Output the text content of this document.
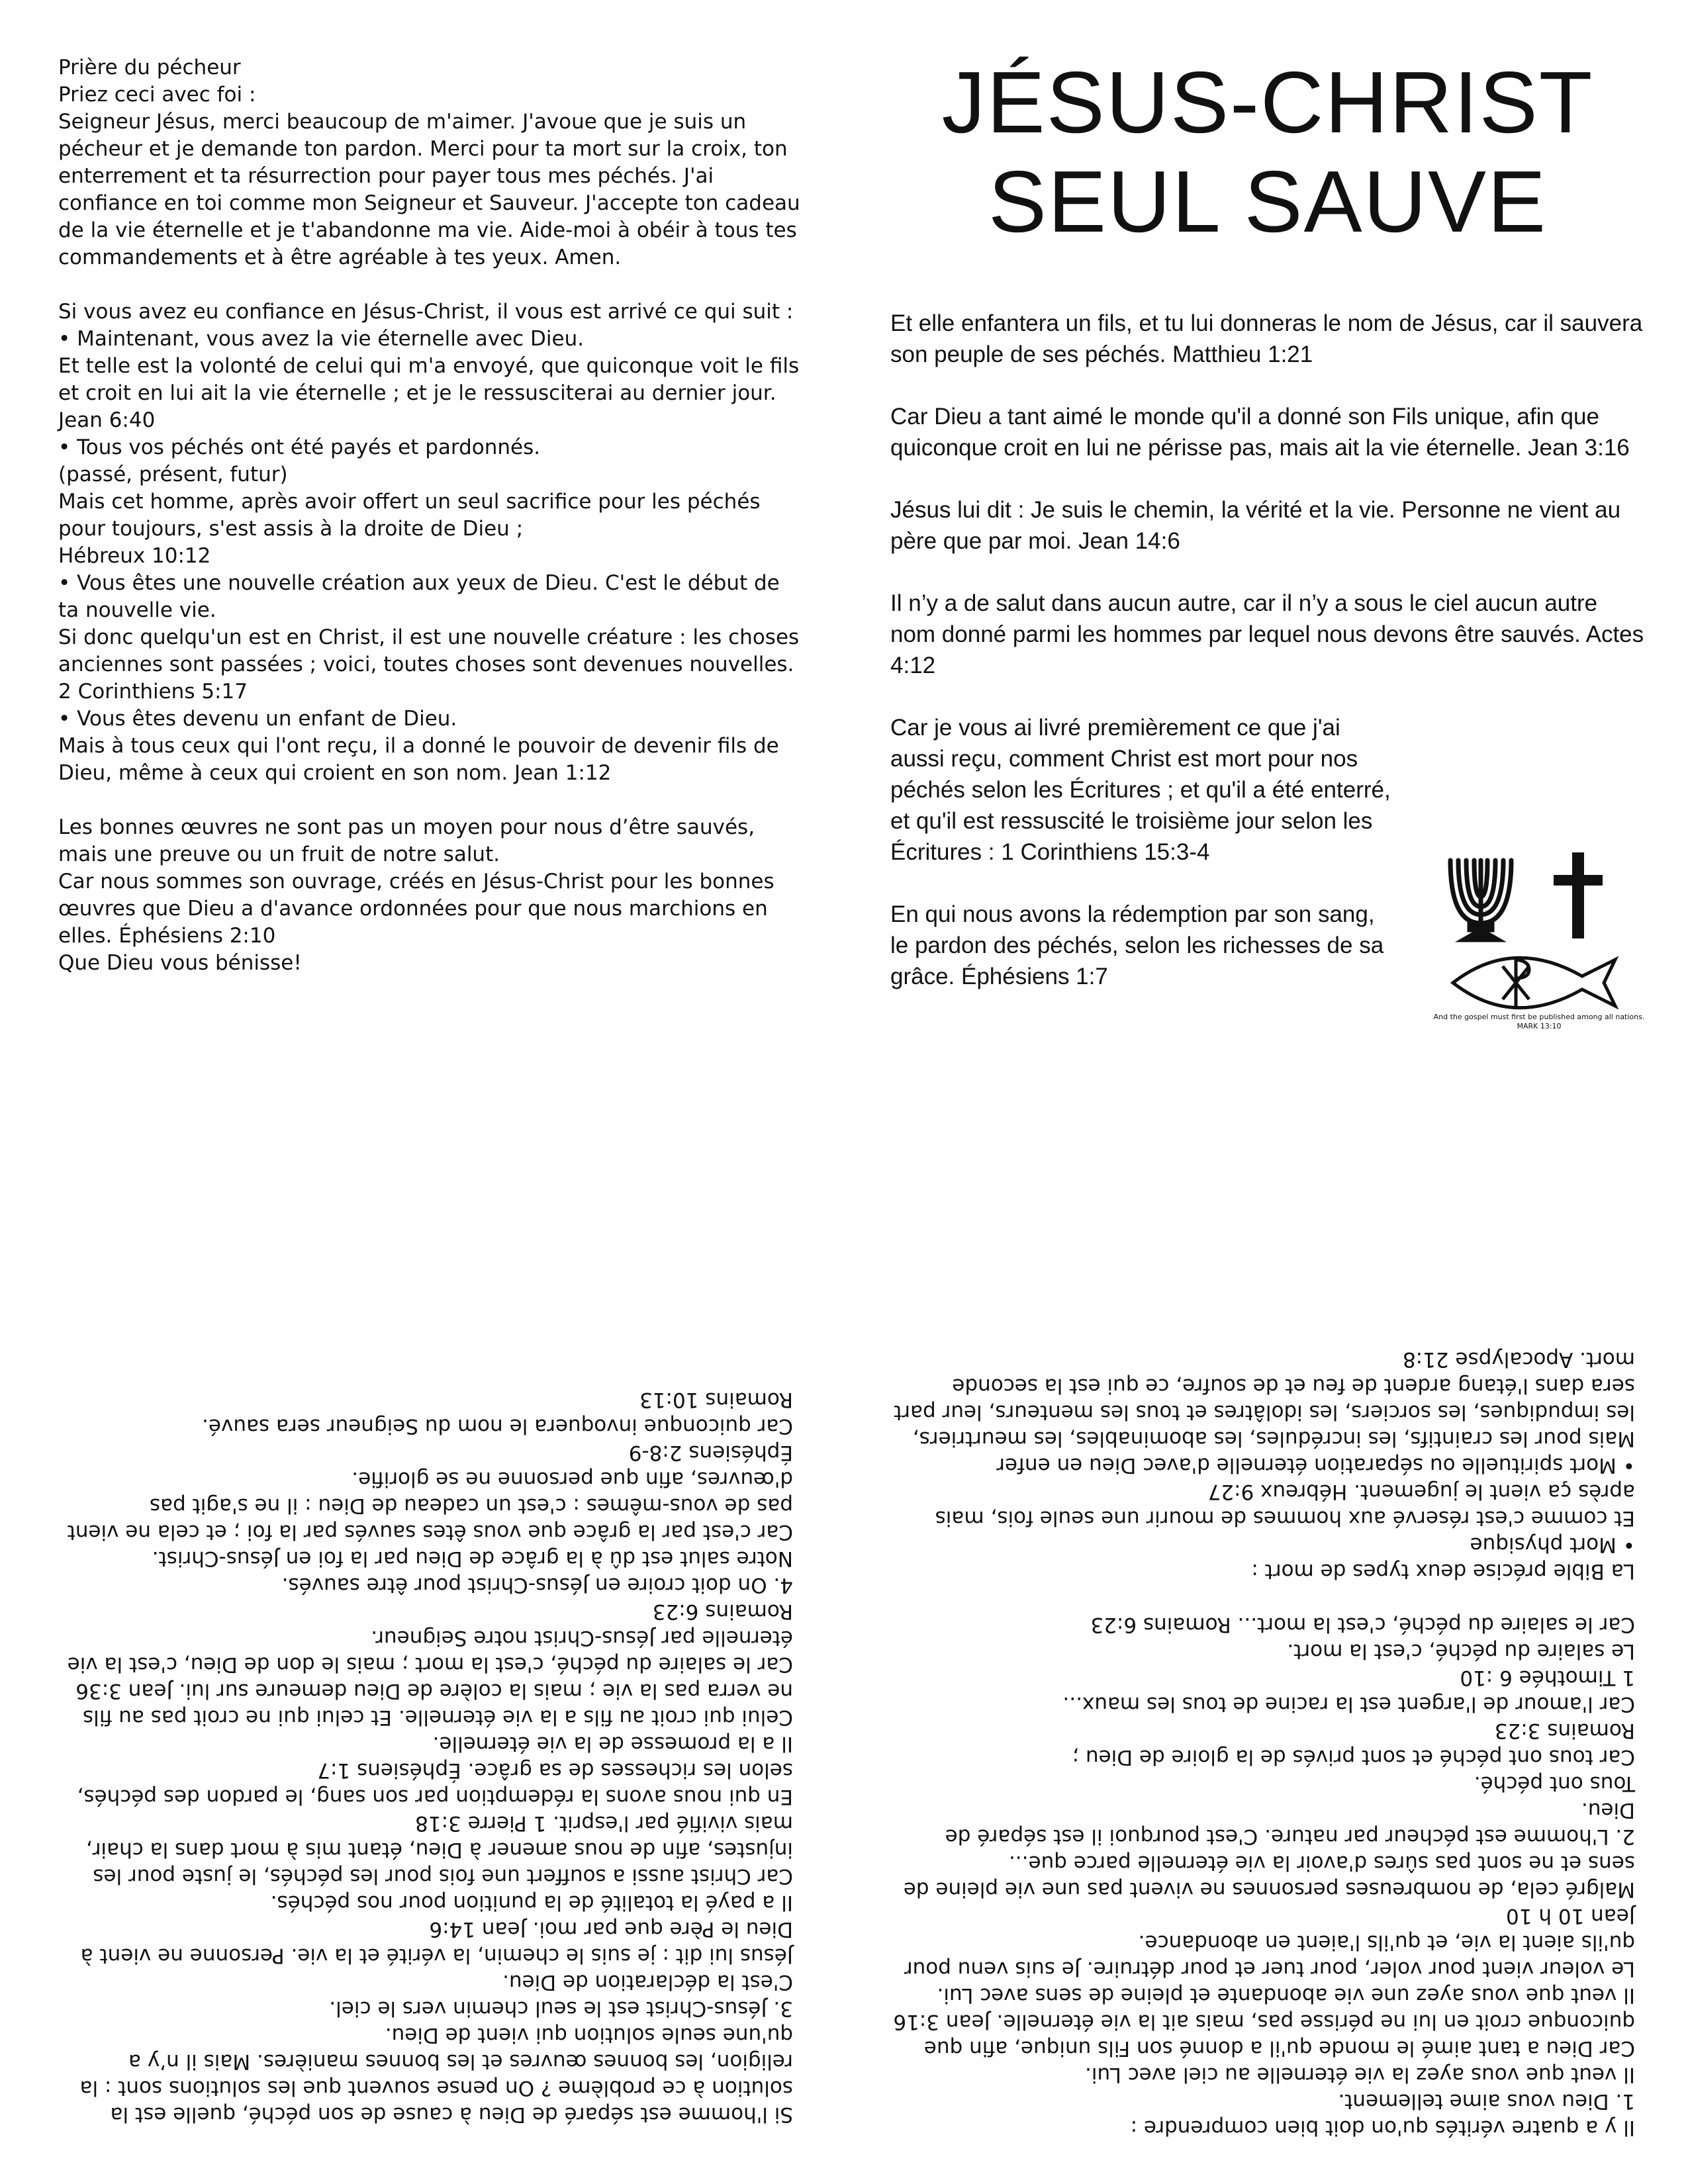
Prière du pécheur

Priez ceci avec foi :

Seigneur Jésus, merci beaucoup de m'aimer. J'avoue que je suis un pécheur et je demande ton pardon. Merci pour ta mort sur la croix, ton enterrement et ta résurrection pour payer tous mes péchés. J'ai confiance en toi comme mon Seigneur et Sauveur. J'accepte ton cadeau de la vie éternelle et je t'abandonne ma vie. Aide-moi à obéir à tous tes commandements et à être agréable à tes yeux. Amen.

Si vous avez eu confiance en Jésus-Christ, il vous est arrivé ce qui suit :

• Maintenant, vous avez la vie éternelle avec Dieu.

Et telle est la volonté de celui qui m'a envoyé, que quiconque voit le fils et croit en lui ait la vie éternelle ; et je le ressusciterai au dernier jour. Jean 6:40

• Tous vos péchés ont été payés et pardonnés.

(passé, présent, futur)

Mais cet homme, après avoir offert un seul sacrifice pour les péchés pour toujours, s'est assis à la droite de Dieu ;

Hébreux 10:12

• Vous êtes une nouvelle création aux yeux de Dieu. C'est le début de ta nouvelle vie.

Si donc quelqu'un est en Christ, il est une nouvelle créature : les choses anciennes sont passées ; voici, toutes choses sont devenues nouvelles. 2 Corinthiens 5:17

• Vous êtes devenu un enfant de Dieu.

Mais à tous ceux qui l'ont reçu, il a donné le pouvoir de devenir fils de Dieu, même à ceux qui croient en son nom. Jean 1:12

Les bonnes œuvres ne sont pas un moyen pour nous d’être sauvés, mais une preuve ou un fruit de notre salut.

Car nous sommes son ouvrage, créés en Jésus-Christ pour les bonnes œuvres que Dieu a d'avance ordonnées pour que nous marchions en elles. Éphésiens 2:10

Que Dieu vous bénisse!

JÉSUS-CHRIST
SEUL SAUVE

Et elle enfantera un fils, et tu lui donneras le nom de Jésus, car il sauvera son peuple de ses péchés. Matthieu 1:21

Car Dieu a tant aimé le monde qu'il a donné son Fils unique, afin que quiconque croit en lui ne périsse pas, mais ait la vie éternelle. Jean 3:16

Jésus lui dit : Je suis le chemin, la vérité et la vie. Personne ne vient au père que par moi. Jean 14:6

Il n’y a de salut dans aucun autre, car il n’y a sous le ciel aucun autre nom donné parmi les hommes par lequel nous devons être sauvés. Actes 4:12

Car je vous ai livré premièrement ce que j'ai aussi reçu, comment Christ est mort pour nos péchés selon les Écritures ; et qu'il a été enterré, et qu'il est ressuscité le troisième jour selon les Écritures : 1 Corinthiens 15:3-4

En qui nous avons la rédemption par son sang, le pardon des péchés, selon les richesses de sa grâce. Éphésiens 1:7

And the gospel must first be published among all nations. MARK 13:10

Si l'homme est séparé de Dieu à cause de son péché, quelle est la solution à ce problème ? On pense souvent que les solutions sont : la religion, les bonnes œuvres et les bonnes manières. Mais il n’y a qu'une seule solution qui vient de Dieu.

3. Jésus-Christ est le seul chemin vers le ciel.

C'est la déclaration de Dieu.

Jésus lui dit : je suis le chemin, la vérité et la vie. Personne ne vient à Dieu le Père que par moi. Jean 14:6

Il a payé la totalité de la punition pour nos péchés.

Car Christ aussi a souffert une fois pour les péchés, le juste pour les injustes, afin de nous amener à Dieu, étant mis à mort dans la chair, mais vivifié par l'esprit. 1 Pierre 3:18

En qui nous avons la rédemption par son sang, le pardon des péchés, selon les richesses de sa grâce. Éphésiens 1:7

Il a la promesse de la vie éternelle.

Celui qui croit au fils a la vie éternelle. Et celui qui ne croit pas au fils ne verra pas la vie ; mais la colère de Dieu demeure sur lui. Jean 3:36

Car le salaire du péché, c'est la mort ; mais le don de Dieu, c'est la vie éternelle par Jésus-Christ notre Seigneur.

Romains 6:23

4. On doit croire en Jésus-Christ pour être sauvés.

Notre salut est dû à la grâce de Dieu par la foi en Jésus-Christ.

Car c'est par la grâce que vous êtes sauvés par la foi ; et cela ne vient pas de vous-mêmes : c'est un cadeau de Dieu : il ne s'agit pas d'œuvres, afin que personne ne se glorifie.

Éphésiens 2:8-9

Car quiconque invoquera le nom du Seigneur sera sauvé.

Romains 10:13

Il y a quatre vérités qu'on doit bien comprendre :

1. Dieu vous aime tellement.

Il veut que vous ayez la vie éternelle au ciel avec Lui.

Car Dieu a tant aimé le monde qu'il a donné son Fils unique, afin que quiconque croit en lui ne périsse pas, mais ait la vie éternelle. Jean 3:16

Il veut que vous ayez une vie abondante et pleine de sens avec Lui.

Le voleur vient pour voler, pour tuer et pour détruire. Je suis venu pour qu'ils aient la vie, et qu'ils l'aient en abondance.

Jean 10 h 10

Malgré cela, de nombreuses personnes ne vivent pas une vie pleine de sens et ne sont pas sûres d'avoir la vie éternelle parce que...

2. L'homme est pécheur par nature. C'est pourquoi il est séparé de Dieu.

Tous ont péché.

Car tous ont péché et sont privés de la gloire de Dieu ;

Romains 3:23

Car l'amour de l'argent est la racine de tous les maux...

1 Timothée 6 :10

Le salaire du péché, c'est la mort.

Car le salaire du péché, c'est la mort... Romains 6:23

La Bible précise deux types de mort :

• Mort physique

Et comme c'est réservé aux hommes de mourir une seule fois, mais après ça vient le jugement. Hébreux 9:27

• Mort spirituelle ou séparation éternelle d'avec Dieu en enfer

Mais pour les craintifs, les incrédules, les abominables, les meurtriers, les impudiques, les sorciers, les idolâtres et tous les menteurs, leur part sera dans l'étang ardent de feu et de soufre, ce qui est la seconde mort. Apocalypse 21:8
